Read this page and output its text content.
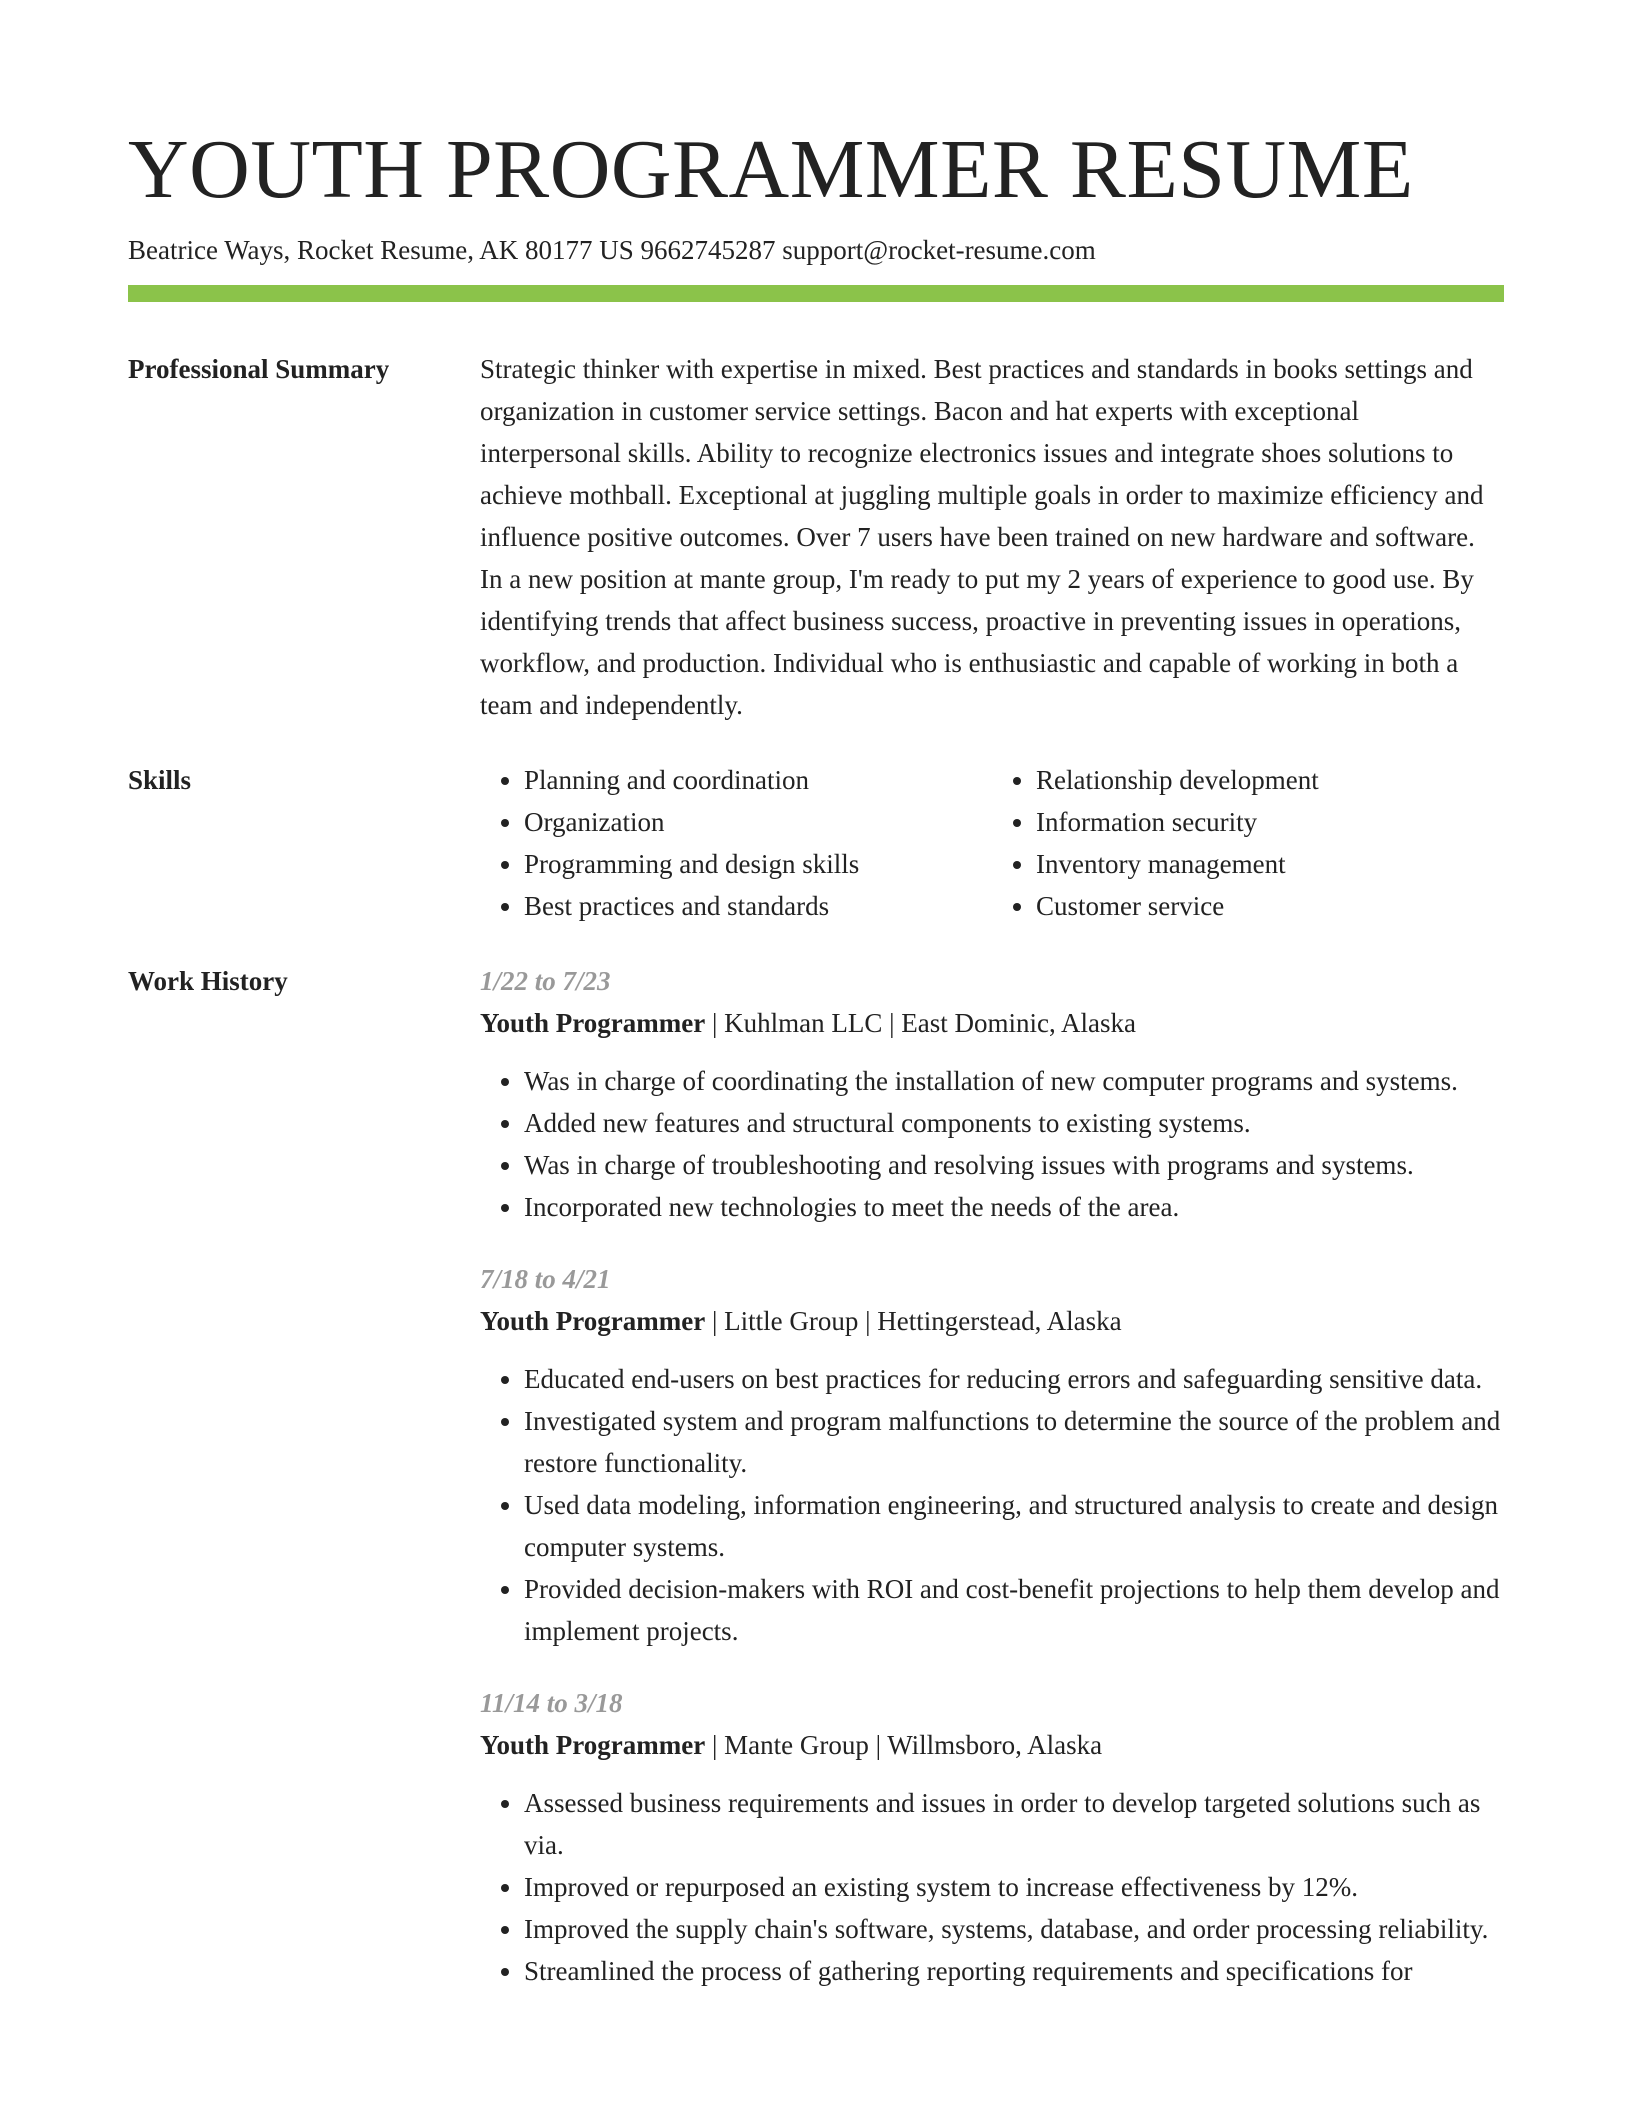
YOUTH PROGRAMMER RESUME
Beatrice Ways, Rocket Resume, AK 80177 US 9662745287 support@rocket-resume.com
Professional Summary	Strategic thinker with expertise in mixed. Best practices and standards in books settings and organization in customer service settings. Bacon and hat experts with exceptional interpersonal skills. Ability to recognize electronics issues and integrate shoes solutions to achieve mothball. Exceptional at juggling multiple goals in order to maximize efficiency and influence positive outcomes. Over 7 users have been trained on new hardware and software. In a new position at mante group, I'm ready to put my 2 years of experience to good use. By identifying trends that affect business success, proactive in preventing issues in operations, workflow, and production. Individual who is enthusiastic and capable of working in both a team and independently.

Skills
•	Planning and coordination
• Organization
• Programming and design skills
• Best practices and standards
• Relationship development
• Information security
• Inventory management
• Customer service
Work History	1/22 to 7/23
Youth Programmer | Kuhlman LLC | East Dominic, Alaska
• Was in charge of coordinating the installation of new computer programs and systems.
• Added new features and structural components to existing systems.
• Was in charge of troubleshooting and resolving issues with programs and systems.
• Incorporated new technologies to meet the needs of the area.
7/18 to 4/21
Youth Programmer | Little Group | Hettingerstead, Alaska
• Educated end-users on best practices for reducing errors and safeguarding sensitive data.
• Investigated system and program malfunctions to determine the source of the problem and restore functionality.
• Used data modeling, information engineering, and structured analysis to create and design computer systems.
• Provided decision-makers with ROI and cost-benefit projections to help them develop and implement projects.
11/14 to 3/18
Youth Programmer | Mante Group | Willmsboro, Alaska
• Assessed business requirements and issues in order to develop targeted solutions such as via.
• Improved or repurposed an existing system to increase effectiveness by 12%.
• Improved the supply chain's software, systems, database, and order processing reliability.
• Streamlined the process of gathering reporting requirements and specifications for
